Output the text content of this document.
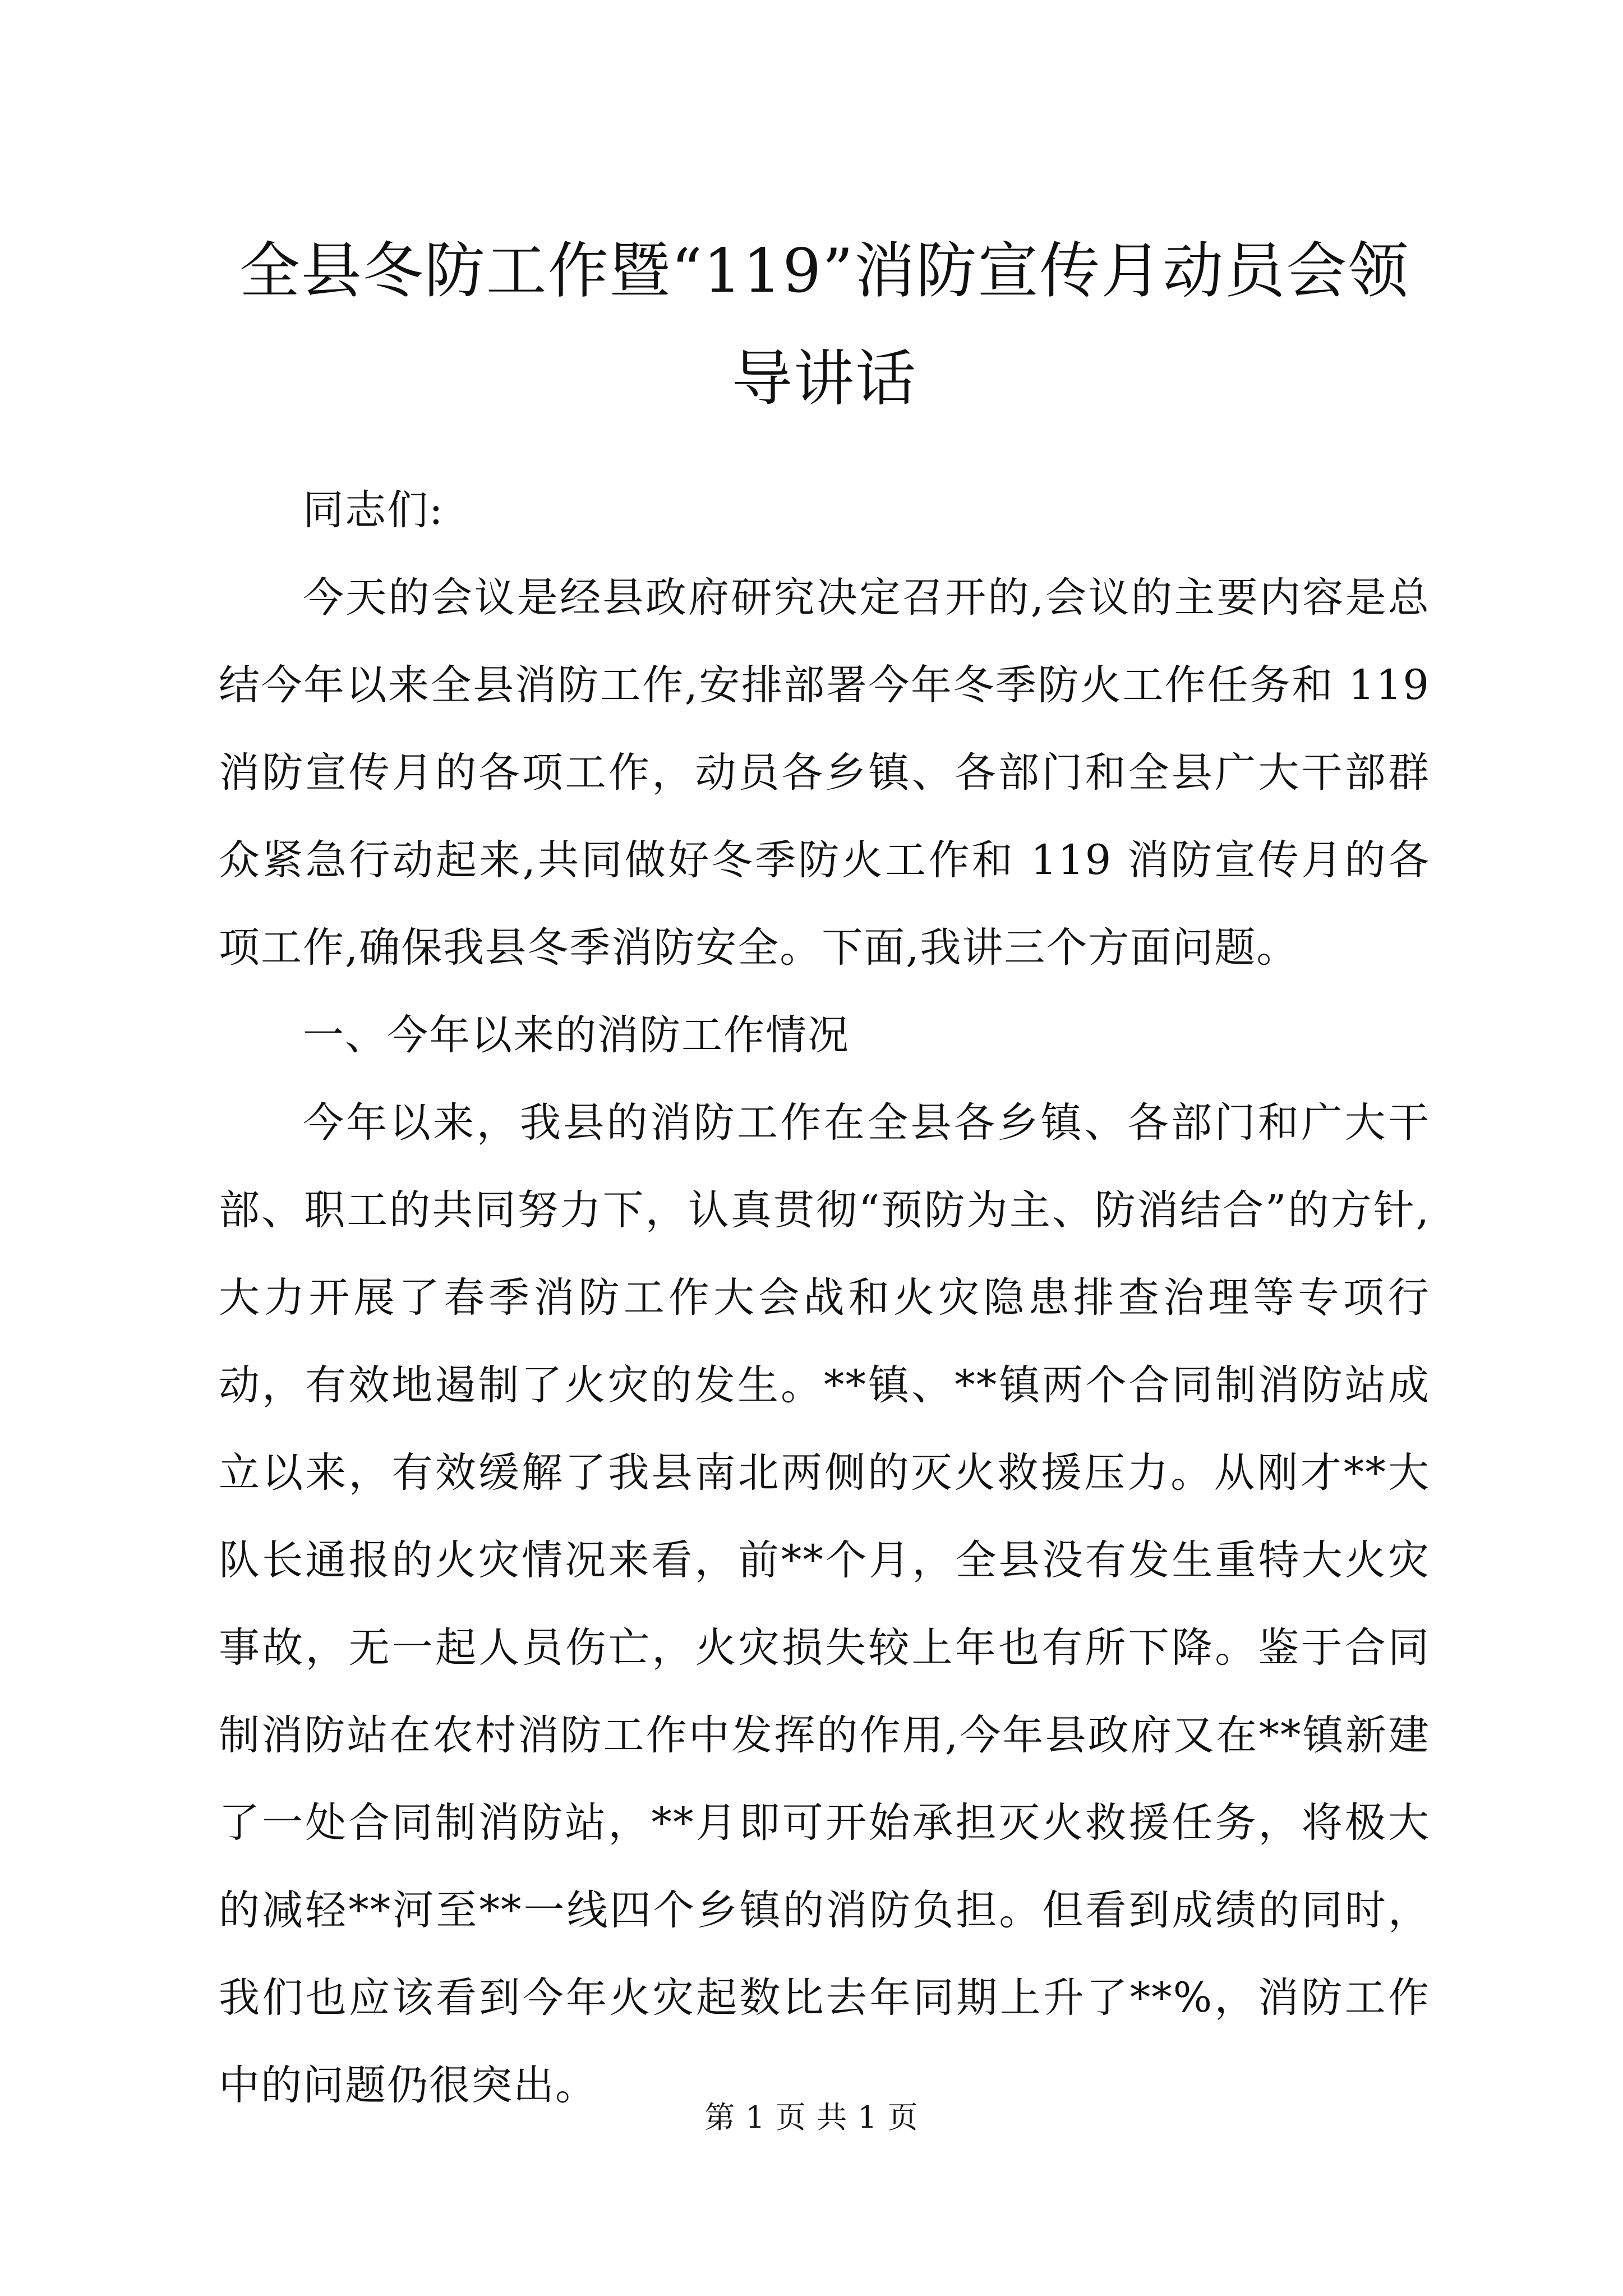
全县冬防工作暨“119”消防宣传月动员会领导讲话

同志们:

今天的会议是经县政府研究决定召开的,会议的主要内容是总结今年以来全县消防工作,安排部署今年冬季防火工作任务和 119 消防宣传月的各项工作，动员各乡镇、各部门和全县广大干部群众紧急行动起来,共同做好冬季防火工作和 119 消防宣传月的各项工作,确保我县冬季消防安全。下面,我讲三个方面问题。

一、今年以来的消防工作情况

今年以来，我县的消防工作在全县各乡镇、各部门和广大干部、职工的共同努力下，认真贯彻“预防为主、防消结合”的方针,大力开展了春季消防工作大会战和火灾隐患排查治理等专项行动，有效地遏制了火灾的发生。**镇、**镇两个合同制消防站成立以来，有效缓解了我县南北两侧的灭火救援压力。从刚才**大队长通报的火灾情况来看，前**个月，全县没有发生重特大火灾事故，无一起人员伤亡，火灾损失较上年也有所下降。鉴于合同制消防站在农村消防工作中发挥的作用,今年县政府又在**镇新建了一处合同制消防站，**月即可开始承担灭火救援任务，将极大的减轻**河至**一线四个乡镇的消防负担。但看到成绩的同时，我们也应该看到今年火灾起数比去年同期上升了**%，消防工作中的问题仍很突出。

第 1 页 共 1 页
